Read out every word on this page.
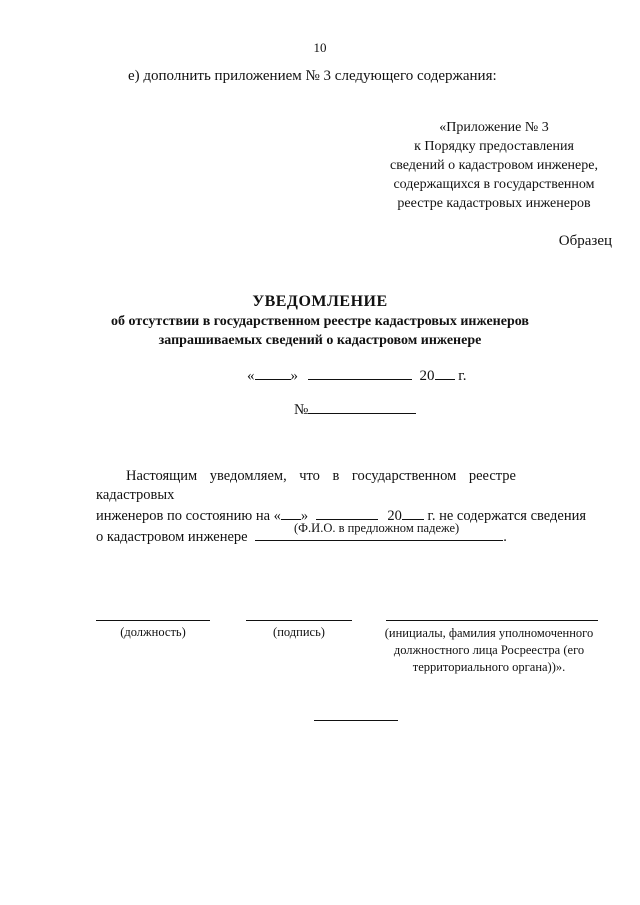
10
е) дополнить приложением № 3 следующего содержания:
«Приложение № 3
к Порядку предоставления
сведений о кадастровом инженере,
содержащихся в государственном
реестре кадастровых инженеров
Образец
УВЕДОМЛЕНИЕ
об отсутствии в государственном реестре кадастровых инженеров
запрашиваемых сведений о кадастровом инженере
« »	20 г.
№
Настоящим уведомляем, что в государственном реестре кадастровых
инженеров по состоянию на « »	20 г. не содержатся сведения
о кадастровом инженере	.
(Ф.И.О. в предложном падеже)
(должность)	(подпись)	(инициалы, фамилия уполномоченного должностного лица Росреестра (его территориального органа))».
